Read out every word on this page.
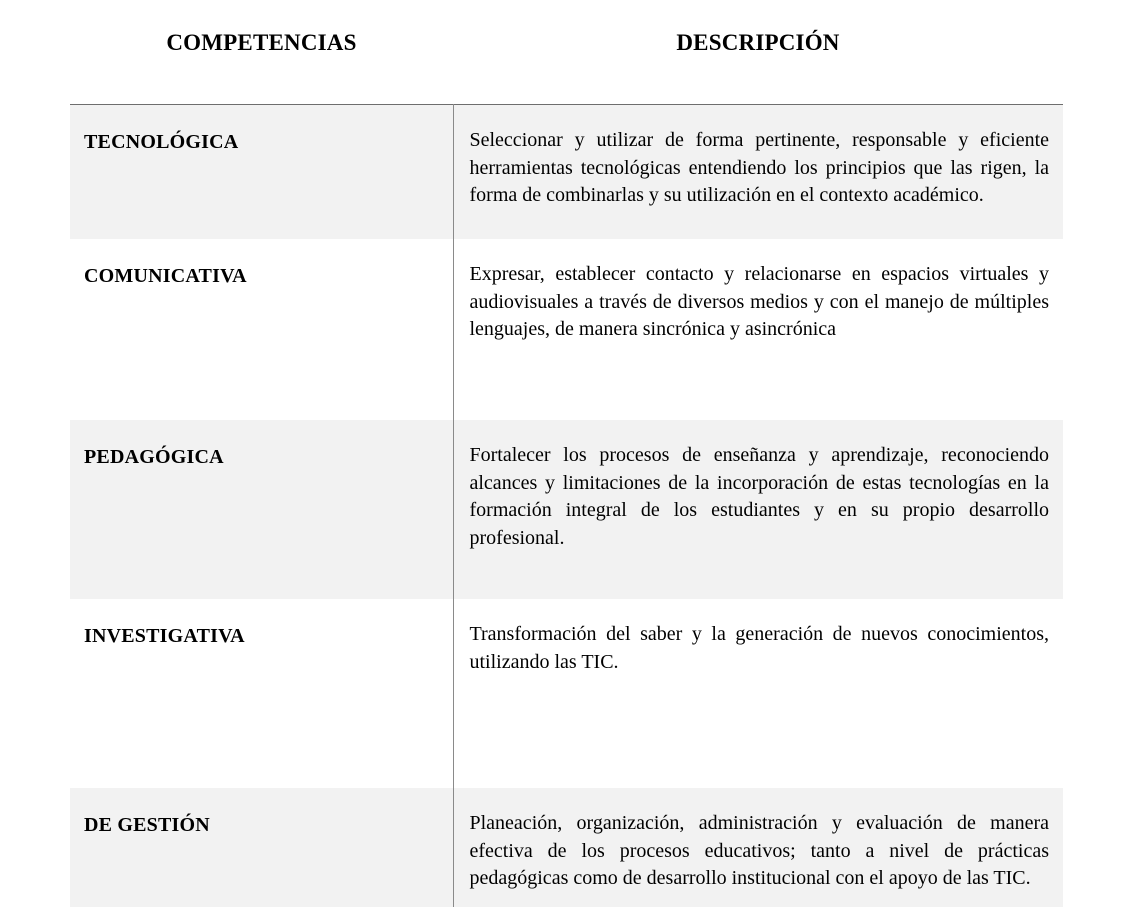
COMPETENCIAS	DESCRIPCIÓN
TECNOLÓGICA	Seleccionar y utilizar de forma pertinente, responsable y eficiente herramientas tecnológicas entendiendo los principios que las rigen, la forma de combinarlas y su utilización en el contexto académico.

COMUNICATIVA	Expresar, establecer contacto y relacionarse en espacios virtuales y audiovisuales a través de diversos medios y con el manejo de múltiples lenguajes, de manera sincrónica y asincrónica

PEDAGÓGICA	Fortalecer los procesos de enseñanza y aprendizaje, reconociendo alcances y limitaciones de la incorporación de estas tecnologías en la formación integral de los estudiantes y en su propio desarrollo profesional.

INVESTIGATIVA	Transformación del saber y la generación de nuevos conocimientos, utilizando las TIC.

DE GESTIÓN	Planeación, organización, administración y evaluación de manera efectiva de los procesos educativos; tanto a nivel de prácticas pedagógicas como de desarrollo institucional con el apoyo de las TIC.
